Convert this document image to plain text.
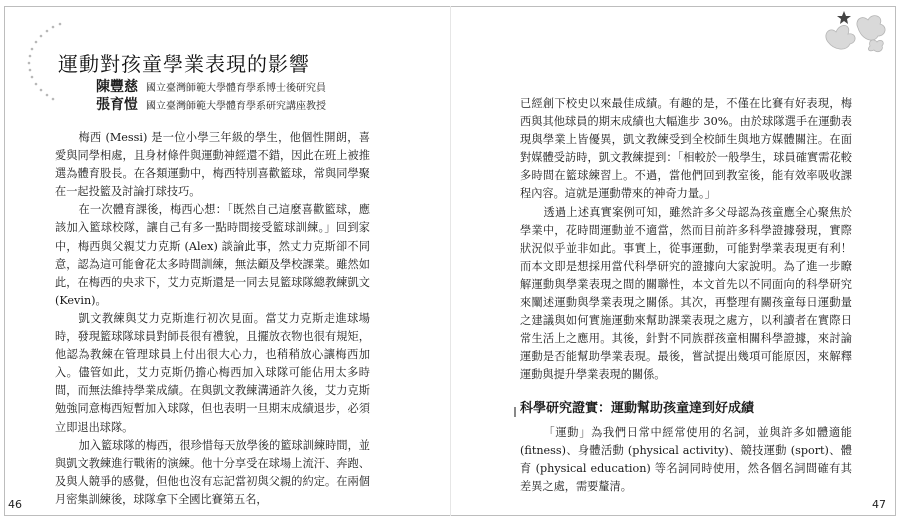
運動對孩童學業表現的影響
陳豐慈 國立臺灣師範大學體育學系博士後研究員
張育愷 國立臺灣師範大學體育學系研究講座教授

梅西 (Messi) 是一位小學三年級的學生，他個性開朗，喜愛與同學相處，且身材條件與運動神經還不錯，因此在班上被推選為體育股長。在各類運動中，梅西特別喜歡籃球，常與同學聚在一起投籃及討論打球技巧。

在一次體育課後，梅西心想：「既然自己這麼喜歡籃球，應該加入籃球校隊，讓自己有多一點時間接受籃球訓練。」回到家中，梅西與父親艾力克斯 (Alex) 談論此事，然丈力克斯卻不同意，認為這可能會花太多時間訓練，無法顧及學校課業。雖然如此，在梅西的央求下，艾力克斯還是一同去見籃球隊總教練凱文 (Kevin)。

凱文教練與艾力克斯進行初次見面。當艾力克斯走進球場時，發現籃球隊球員對師長很有禮貌，且擺放衣物也很有規矩，他認為教練在管理球員上付出很大心力，也稍稍放心讓梅西加入。儘管如此，艾力克斯仍擔心梅西加入球隊可能佔用太多時間，而無法維持學業成績。在與凱文教練溝通許久後，艾力克斯勉強同意梅西短暫加入球隊，但也表明一旦期末成績退步，必須立即退出球隊。

加入籃球隊的梅西，很珍惜每天放學後的籃球訓練時間，並與凱文教練進行戰術的演練。他十分享受在球場上流汗、奔跑、及與人競爭的感覺，但他也沒有忘記當初與父親的約定。在兩個月密集訓練後，球隊拿下全國比賽第五名，

已經創下校史以來最佳成績。有趣的是，不僅在比賽有好表現，梅西與其他球員的期末成績也大幅進步 30%。由於球隊選手在運動表現與學業上皆優異，凱文教練受到全校師生與地方媒體關注。在面對媒體受訪時，凱文教練提到：「相較於一般學生，球員確實需花較多時間在籃球練習上。不過，當他們回到教室後，能有效率吸收課程內容。這就是運動帶來的神奇力量。」

透過上述真實案例可知，雖然許多父母認為孩童應全心聚焦於學業中，花時間運動並不適當，然而目前許多科學證據發現，實際狀況似乎並非如此。事實上，從事運動，可能對學業表現更有利！而本文即是想採用當代科學研究的證據向大家說明。為了進一步瞭解運動與學業表現之間的關聯性，本文首先以不同面向的科學研究來闡述運動與學業表現之關係。其次，再整理有關孩童每日運動量之建議與如何實施運動來幫助課業表現之處方，以利讀者在實際日常生活上之應用。其後，針對不同族群孩童相關科學證據，來討論運動是否能幫助學業表現。最後，嘗試提出幾項可能原因，來解釋運動與提升學業表現的關係。

科學研究證實：運動幫助孩童達到好成績

「運動」為我們日常中經常使用的名詞，並與許多如體適能 (fitness)、身體活動 (physical activity)、競技運動 (sport)、體育 (physical education) 等名詞同時使用，然各個名詞間確有其差異之處，需要釐清。

46	47
